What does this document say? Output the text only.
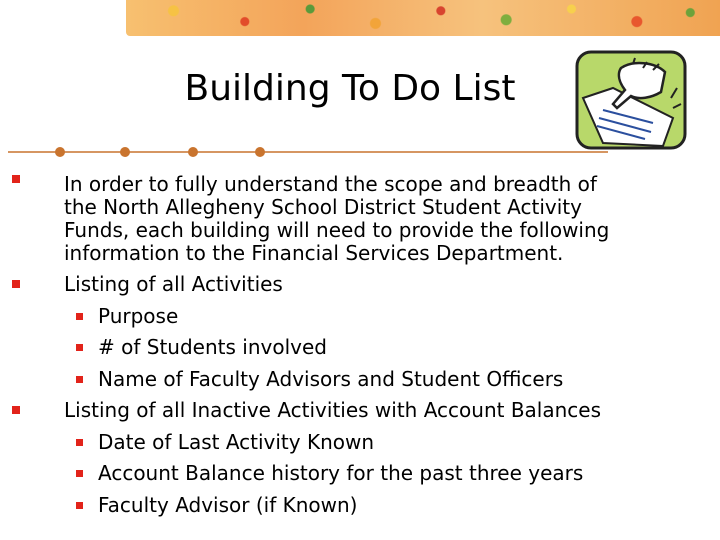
Building To Do List
In order to fully understand the scope and breadth of
the North Allegheny School District Student Activity
Funds, each building will need to provide the following
information to the Financial Services Department.
Listing of all Activities
Purpose
# of Students involved
Name of Faculty Advisors and Student Officers
Listing of all Inactive Activities with Account Balances
Date of Last Activity Known
Account Balance history for the past three years
Faculty Advisor (if Known)
